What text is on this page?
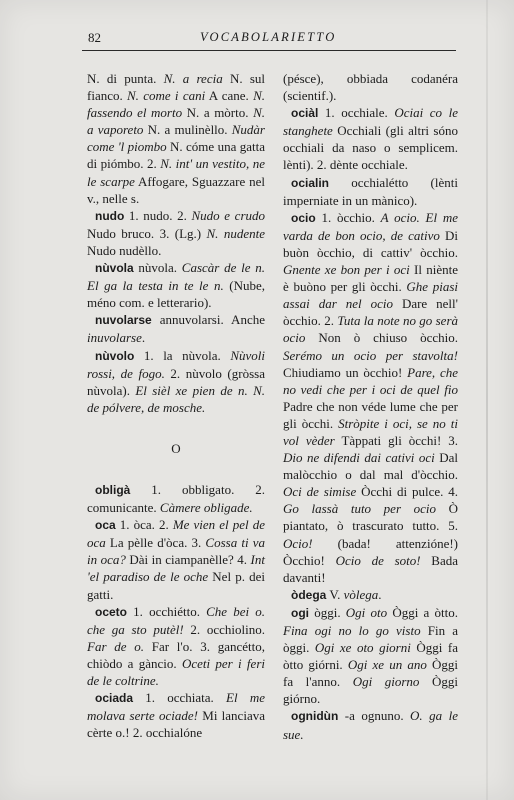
82	VOCABOLARIETTO

N. di punta. N. a recia N. sul fianco. N. come i cani A cane. N. fassendo el morto N. a mòrto. N. a vaporeto N. a mulinèllo. Nudàr come 'l piombo N. cóme una gatta di piómbo. 2. N. int' un vestito, ne le scarpe Affogare, Sguazzare nel v., nelle s.

nudo 1. nudo. 2. Nudo e crudo Nudo bruco. 3. (Lg.) N. nudente Nudo nudèllo.

nùvola nùvola. Cascàr de le n. El ga la testa in te le n. (Nube, méno com. e letterario).

nuvolarse annuvolarsi. Anche inuvolarse.

nùvolo 1. la nùvola. Nùvoli rossi, de fogo. 2. nùvolo (gròssa nùvola). El sièl xe pien de n. N. de pólvere, de mosche.

O

obligà 1. obbligato. 2. comunicante. Càmere obligade.

oca 1. òca. 2. Me vien el pel de oca La pèlle d'òca. 3. Cossa ti va in oca? Dài in ciampanèlle? 4. Int 'el paradiso de le oche Nel p. dei gatti.

oceto 1. occhiétto. Che bei o. che ga sto putèl! 2. occhiolino. Far de o. Far l'o. 3. gancétto, chiòdo a gàncio. Oceti per i feri de le coltrine.

ociada 1. occhiata. El me molava serte ociade! Mi lanciava cèrte o.! 2. occhialóne

(pésce), obbiada codanéra (scientif.).

ociàl 1. occhiale. Ociai co le stanghete Occhiali (gli altri sóno occhiali da naso o semplicem. lènti). 2. dènte occhiale.

ocialin occhialétto (lènti imperniate in un mànico).

ocio 1. òcchio. A ocio. El me varda de bon ocio, de cativo Di buòn òcchio, di cattiv' òcchio. Gnente xe bon per i oci Il niènte è buòno per gli òcchi. Ghe piasi assai dar nel ocio Dare nell' òcchio. 2. Tuta la note no go serà ocio Non ò chiuso òcchio. Serémo un ocio per stavolta! Chiudiamo un òcchio! Pare, che no vedi che per i oci de quel fio Padre che non véde lume che per gli òcchi. Stròpite i oci, se no ti vol vèder Tàppati gli òcchi! 3. Dio ne difendi dai cativi oci Dal malòcchio o dal mal d'òcchio. Oci de simise Òcchi di pulce. 4. Go lassà tuto per ocio Ò piantato, ò trascurato tutto. 5. Ocio! (bada! attenzióne!) Òcchio! Ocio de soto! Bada davanti!

òdega V. vòlega.

ogi òggi. Ogi oto Òggi a òtto. Fina ogi no lo go visto Fin a òggi. Ogi xe oto giorni Òggi fa òtto giórni. Ogi xe un ano Òggi fa l'anno. Ogi giorno Òggi giórno.

ognidùn -a ognuno. O. ga le sue.
